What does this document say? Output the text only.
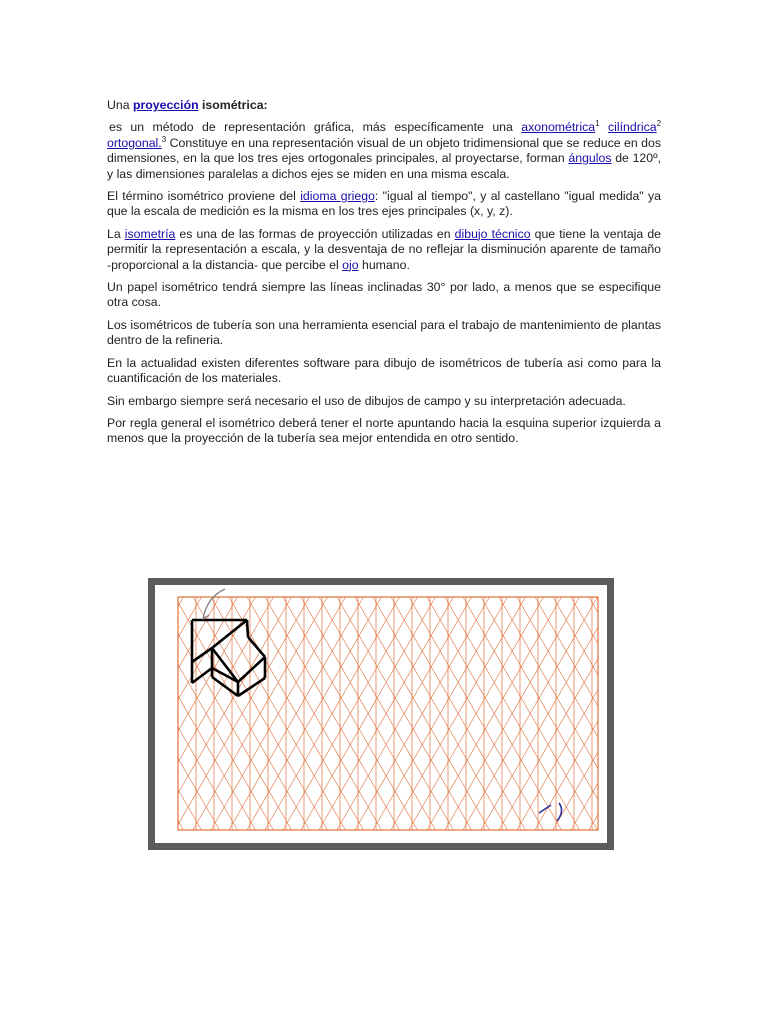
Una proyección isométrica:

es un método de representación gráfica, más específicamente una axonométrica$^1$ cilíndrica$^2$ ortogonal.$^3$ Constituye en una representación visual de un objeto tridimensional que se reduce en dos dimensiones, en la que los tres ejes ortogonales principales, al proyectarse, forman ángulos de 120º, y las dimensiones paralelas a dichos ejes se miden en una misma escala.

El término isométrico proviene del idioma griego: "igual al tiempo", y al castellano "igual medida" ya que la escala de medición es la misma en los tres ejes principales (x, y, z).

La isometría es una de las formas de proyección utilizadas en dibujo técnico que tiene la ventaja de permitir la representación a escala, y la desventaja de no reflejar la disminución aparente de tamaño -proporcional a la distancia- que percibe el ojo humano.

Un papel isométrico tendrá siempre las líneas inclinadas 30° por lado, a menos que se especifique otra cosa.

Los isométricos de tubería son una herramienta esencial para el trabajo de mantenimiento de plantas dentro de la refineria.

En la actualidad existen diferentes software para dibujo de isométricos de tubería asi como para la cuantificación de los materiales.

Sin embargo siempre será necesario el uso de dibujos de campo y su interpretación adecuada.

Por regla general el isométrico deberá tener el norte apuntando hacia la esquina superior izquierda a menos que la proyección de la tubería sea mejor entendida en otro sentido.
